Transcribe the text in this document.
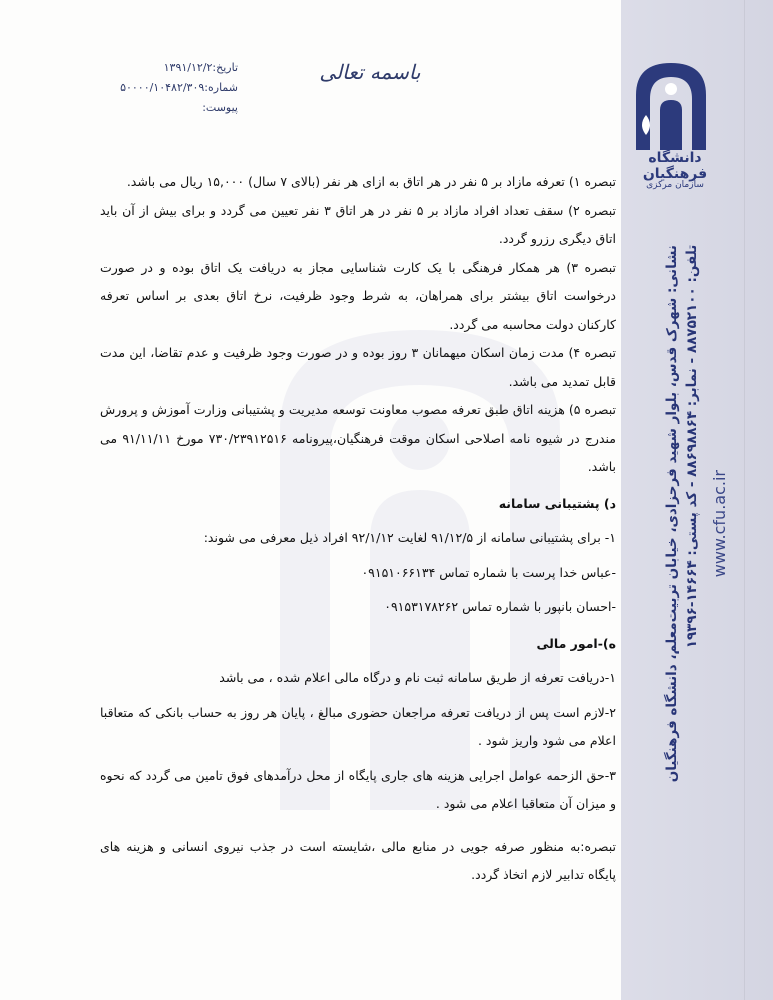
دانشگاه فرهنگیان
سازمان مرکزی
نشانی: شهرک قدس، بلوار شهید فرحزادی، خیابان تربیت‌معلم، دانشگاه فرهنگیان تلفن: ۸۸۷۵۲۱۰۰ - نمابر: ۸۸۶۹۸۸۶۴ - کد پستی: ۱۴۶۶۴-۱۹۳۹۶
www.cfu.ac.ir
تاریخ:۱۳۹۱/۱۲/۲
شماره:۵۰۰۰۰/۱۰۴۸۲/۳۰۹
پیوست:
باسمه تعالی

تبصره ۱) تعرفه مازاد بر ۵ نفر در هر اتاق به ازای هر نفر (بالای ۷ سال) ۱۵,۰۰۰ ریال می باشد.

تبصره ۲) سقف تعداد افراد مازاد بر ۵ نفر در هر اتاق ۳ نفر تعیین می گردد و برای بیش از آن باید اتاق دیگری رزرو گردد.

تبصره ۳) هر همکار فرهنگی با یک کارت شناسایی مجاز به دریافت یک اتاق بوده و در صورت درخواست اتاق بیشتر برای همراهان، به شرط وجود ظرفیت، نرخ اتاق بعدی بر اساس تعرفه کارکنان دولت محاسبه می گردد.

تبصره ۴) مدت زمان اسکان میهمانان ۳ روز بوده و در صورت وجود ظرفیت و عدم تقاضا، این مدت قابل تمدید می باشد.

تبصره ۵) هزینه اتاق طبق تعرفه مصوب معاونت توسعه مدیریت و پشتیبانی وزارت آموزش و پرورش مندرج در شیوه نامه اصلاحی اسکان موقت فرهنگیان،پیرونامه ۷۳۰/۲۳۹۱۲۵۱۶ مورخ ۹۱/۱۱/۱۱ می باشد.

د) پشتیبانی سامانه

۱- برای پشتیبانی سامانه از ۹۱/۱۲/۵ لغایت ۹۲/۱/۱۲ افراد ذیل معرفی می شوند:

-عباس خدا پرست با شماره تماس ۰۹۱۵۱۰۶۶۱۳۴

-احسان بانپور با شماره تماس ۰۹۱۵۳۱۷۸۲۶۲

ه)-امور مالی

۱-دریافت تعرفه از طریق سامانه ثبت نام و درگاه مالی اعلام شده ، می باشد

۲-لازم است پس از دریافت تعرفه مراجعان حضوری مبالغ ، پایان هر روز به حساب بانکی که متعاقبا اعلام می شود واریز شود .

۳-حق الزحمه عوامل اجرایی هزینه های جاری پایگاه از محل درآمدهای فوق تامین می گردد که نحوه و میزان آن متعاقبا اعلام می شود .

تبصره:به منظور صرفه جویی در منابع مالی ،شایسته است در جذب نیروی انسانی و هزینه های پایگاه تدابیر لازم اتخاذ گردد.
